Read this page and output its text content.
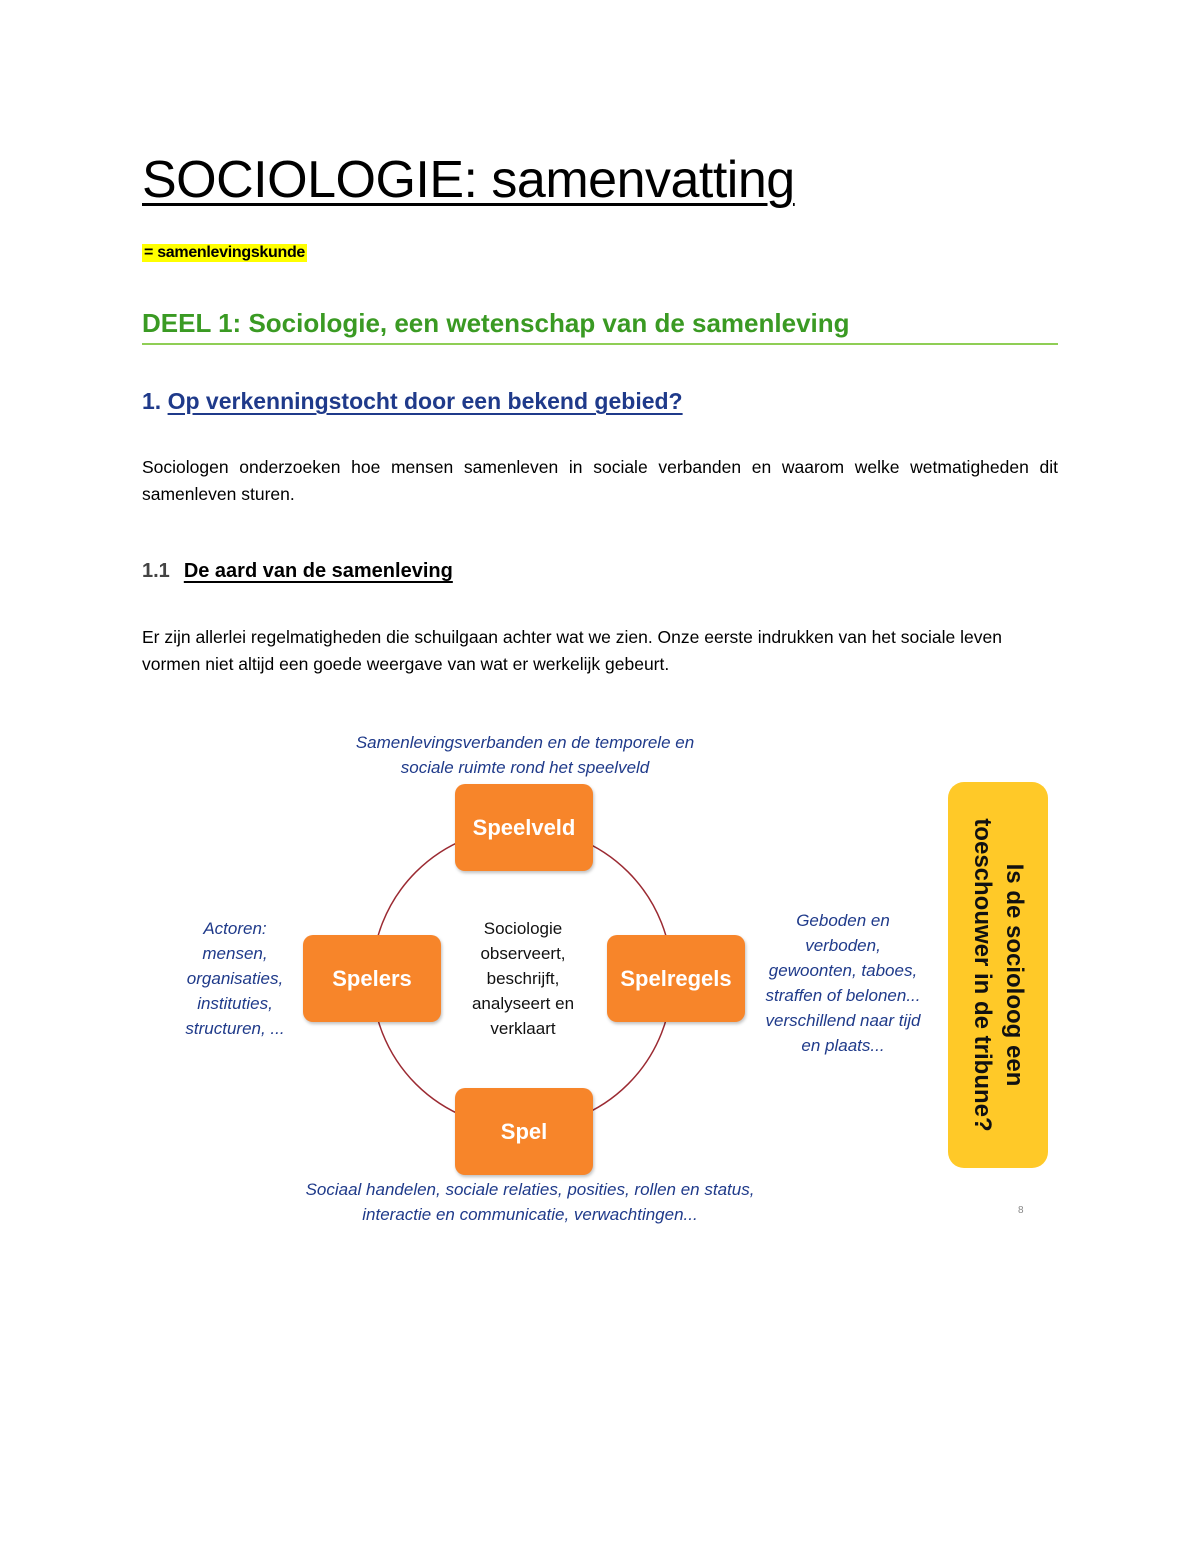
SOCIOLOGIE: samenvatting
= samenlevingskunde
DEEL 1: Sociologie, een wetenschap van de samenleving
1. Op verkenningstocht door een bekend gebied?

Sociologen onderzoeken hoe mensen samenleven in sociale verbanden en waarom welke wetmatigheden dit samenleven sturen.

1.1 De aard van de samenleving

Er zijn allerlei regelmatigheden die schuilgaan achter wat we zien. Onze eerste indrukken van het sociale leven vormen niet altijd een goede weergave van wat er werkelijk gebeurt.

Samenlevingsverbanden en de temporele en
sociale ruimte rond het speelveld
Speelveld
Spelers	Spelregels
Spel
Sociologie
observeert,
beschrijft,
analyseert en
verklaart
Actoren:
mensen,
organisaties,
instituties,
structuren, ...
Geboden en
verboden,
gewoonten, taboes,
straffen of belonen...
verschillend naar tijd
en plaats...
Sociaal handelen, sociale relaties, posities, rollen en status,
interactie en communicatie, verwachtingen...
Is de socioloog een
toeschouwer in de tribune?
8
